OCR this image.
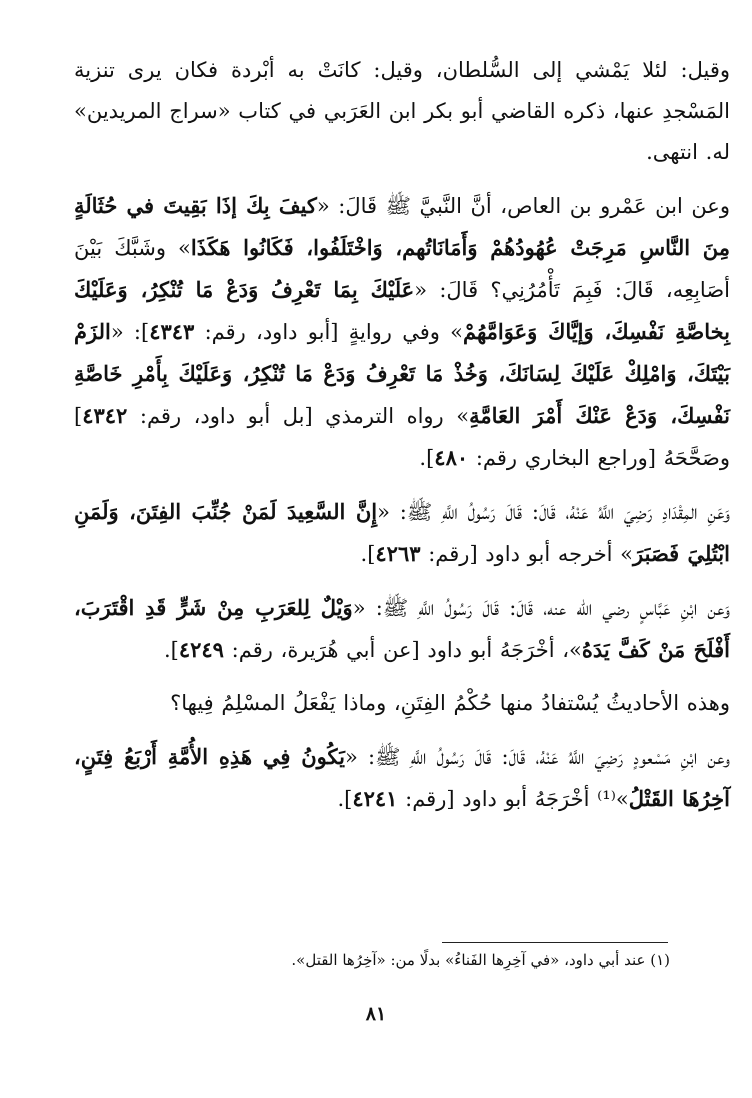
وقيل: لئلا يَمْشي إلى السُّلطان، وقيل: كانَتْ به أبْردة فكان يرى تنزية المَسْجدِ عنها، ذكره القاضي أبو بكر ابن العَرَبي في كتاب «سراج المريدين» له. انتهى.

وعن ابن عَمْرو بن العاص، أنَّ النَّبيَّ ﷺ قَالَ: «كيفَ بِكَ إذَا بَقِيتَ في حُثَالَةٍ مِنَ النَّاسِ مَرِجَتْ عُهُودُهُمْ وَأَمَانَاتُهم، وَاخْتَلَفُوا، فَكَانُوا هَكَذَا» وشَبَّكَ بَيْنَ أصَابِعِه، قَالَ: فَبِمَ تَأْمُرُنِي؟ قَالَ: «عَلَيْكَ بِمَا تَعْرِفُ وَدَعْ مَا تُنْكِرُ، وَعَلَيْكَ بِخاصَّةِ نَفْسِكَ، وَإيَّاكَ وَعَوَامَّهُمْ» وفي روايةٍ [أبو داود، رقم: ٤٣٤٣]: «الزَمْ بَيْتَكَ، وَامْلِكْ عَلَيْكَ لِسَانَكَ، وَخُذْ مَا تَعْرِفُ وَدَعْ مَا تُنْكِرُ، وَعَلَيْكَ بِأَمْرِ خَاصَّةِ نَفْسِكَ، وَدَعْ عَنْكَ أَمْرَ العَامَّةِ» رواه الترمذي [بل أبو داود، رقم: ٤٣٤٢] وصَحَّحَهُ [وراجع البخاري رقم: ٤٨٠].

وَعَنِ المِقْدَادِ رَضِيَ اللَّهُ عَنْهُ، قَالَ: قَالَ رَسُولُ اللَّهِ ﷺ: «إِنَّ السَّعِيدَ لَمَنْ جُنِّبَ الفِتَنَ، وَلَمَنِ ابْتُلِيَ فَصَبَرَ» أخرجه أبو داود [رقم: ٤٢٦٣].

وَعن ابْنِ عَبَّاسٍ رضي الله عنه، قَالَ: قَالَ رَسُولُ اللَّهِ ﷺ: «وَيْلٌ لِلعَرَبِ مِنْ شَرٍّ قَدِ اقْتَرَبَ، أَفْلَحَ مَنْ كَفَّ يَدَهُ»، أخْرَجَهُ أبو داود [عن أبي هُرَيرة، رقم: ٤٢٤٩].

وهذه الأحاديثُ يُسْتفادُ منها حُكْمُ الفِتَنِ، وماذا يَفْعَلُ المسْلِمُ فِيها؟

وعن ابْنِ مَسْعودٍ رَضِيَ اللَّهُ عَنْهُ، قَالَ: قَالَ رَسُولُ اللَّهِ ﷺ: «يَكُونُ فِي هَذِهِ الأُمَّةِ أَرْبَعُ فِتَنٍ، آخِرُهَا القَتْلُ»⁽¹⁾ أخْرَجَهُ أبو داود [رقم: ٤٢٤١].

(١) عند أبي داود، «في آخِرِها الفَناءُ» بدلًا من: «آخِرُها القتل».
٨١
